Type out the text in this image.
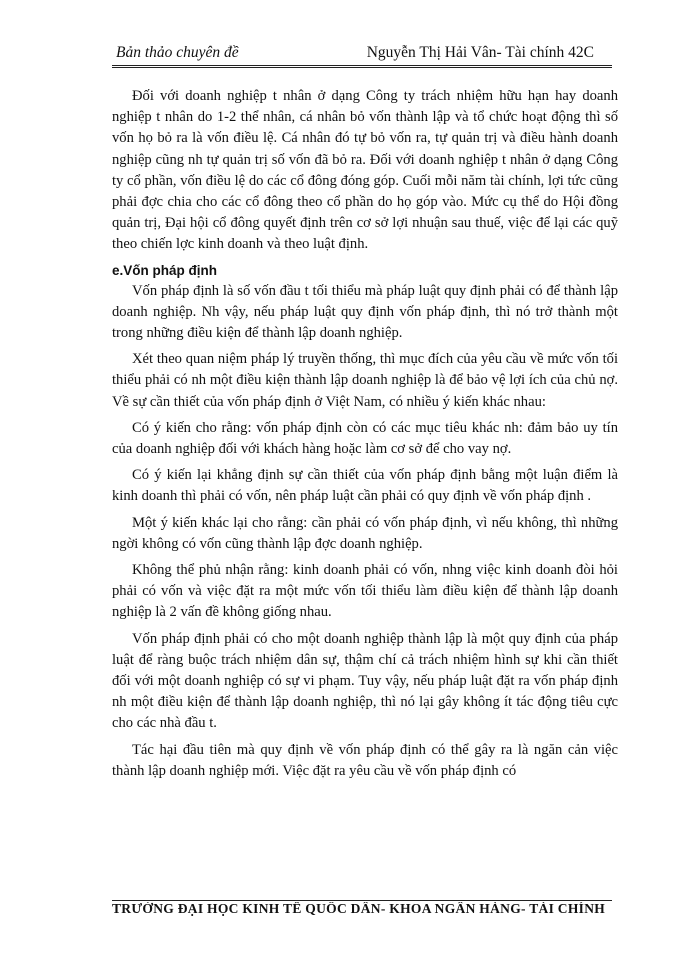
Bản thảo chuyên đề	Nguyễn Thị Hải Vân- Tài chính 42C

Đối với doanh nghiệp t nhân ở dạng Công ty trách nhiệm hữu hạn hay doanh nghiệp t nhân do 1-2 thể nhân, cá nhân bỏ vốn thành lập và tổ chức hoạt động thì số vốn họ bỏ ra là vốn điều lệ. Cá nhân đó tự bỏ vốn ra, tự quản trị và điều hành doanh nghiệp cũng nh tự quản trị số vốn đã bỏ ra. Đối với doanh nghiệp t nhân ở dạng Công ty cổ phần, vốn điều lệ do các cổ đông đóng góp. Cuối mỗi năm tài chính, lợi tức cũng phải đợc chia cho các cổ đông theo cổ phần do họ góp vào. Mức cụ thể do Hội đồng quản trị, Đại hội cổ đông quyết định trên cơ sở lợi nhuận sau thuế, việc để lại các quỹ theo chiến lợc kinh doanh và theo luật định.

e.Vốn pháp định

Vốn pháp định là số vốn đầu t tối thiểu mà pháp luật quy định phải có để thành lập doanh nghiệp. Nh vậy, nếu pháp luật quy định vốn pháp định, thì nó trở thành một trong những điều kiện để thành lập doanh nghiệp.

Xét theo quan niệm pháp lý truyền thống, thì mục đích của yêu cầu về mức vốn tối thiểu phải có nh một điều kiện thành lập doanh nghiệp là để bảo vệ lợi ích của chủ nợ. Về sự cần thiết của vốn pháp định ở Việt Nam, có nhiều ý kiến khác nhau:

Có ý kiến cho rằng: vốn pháp định còn có các mục tiêu khác nh: đảm bảo uy tín của doanh nghiệp đối với khách hàng hoặc làm cơ sở để cho vay nợ.

Có ý kiến lại khẳng định sự cần thiết của vốn pháp định bằng một luận điểm là kinh doanh thì phải có vốn, nên pháp luật cần phải có quy định về vốn pháp định .

Một ý kiến khác lại cho rằng: cần phải có vốn pháp định, vì nếu không, thì những ngời không có vốn cũng thành lập đợc doanh nghiệp.

Không thể phủ nhận rằng: kinh doanh phải có vốn, nhng việc kinh doanh đòi hỏi phải có vốn và việc đặt ra một mức vốn tối thiểu làm điều kiện để thành lập doanh nghiệp là 2 vấn đề không giống nhau.

Vốn pháp định phải có cho một doanh nghiệp thành lập là một quy định của pháp luật để ràng buộc trách nhiệm dân sự, thậm chí cả trách nhiệm hình sự khi cần thiết đối với một doanh nghiệp có sự vi phạm. Tuy vậy, nếu pháp luật đặt ra vốn pháp định nh một điều kiện để thành lập doanh nghiệp, thì nó lại gây không ít tác động tiêu cực cho các nhà đầu t.

Tác hại đầu tiên mà quy định về vốn pháp định có thể gây ra là ngăn cản việc thành lập doanh nghiệp mới. Việc đặt ra yêu cầu về vốn pháp định có

TRƯỜNG ĐẠI HỌC KINH TẾ QUỐC DÂN- KHOA NGÂN HÀNG- TÀI CHÍNH
